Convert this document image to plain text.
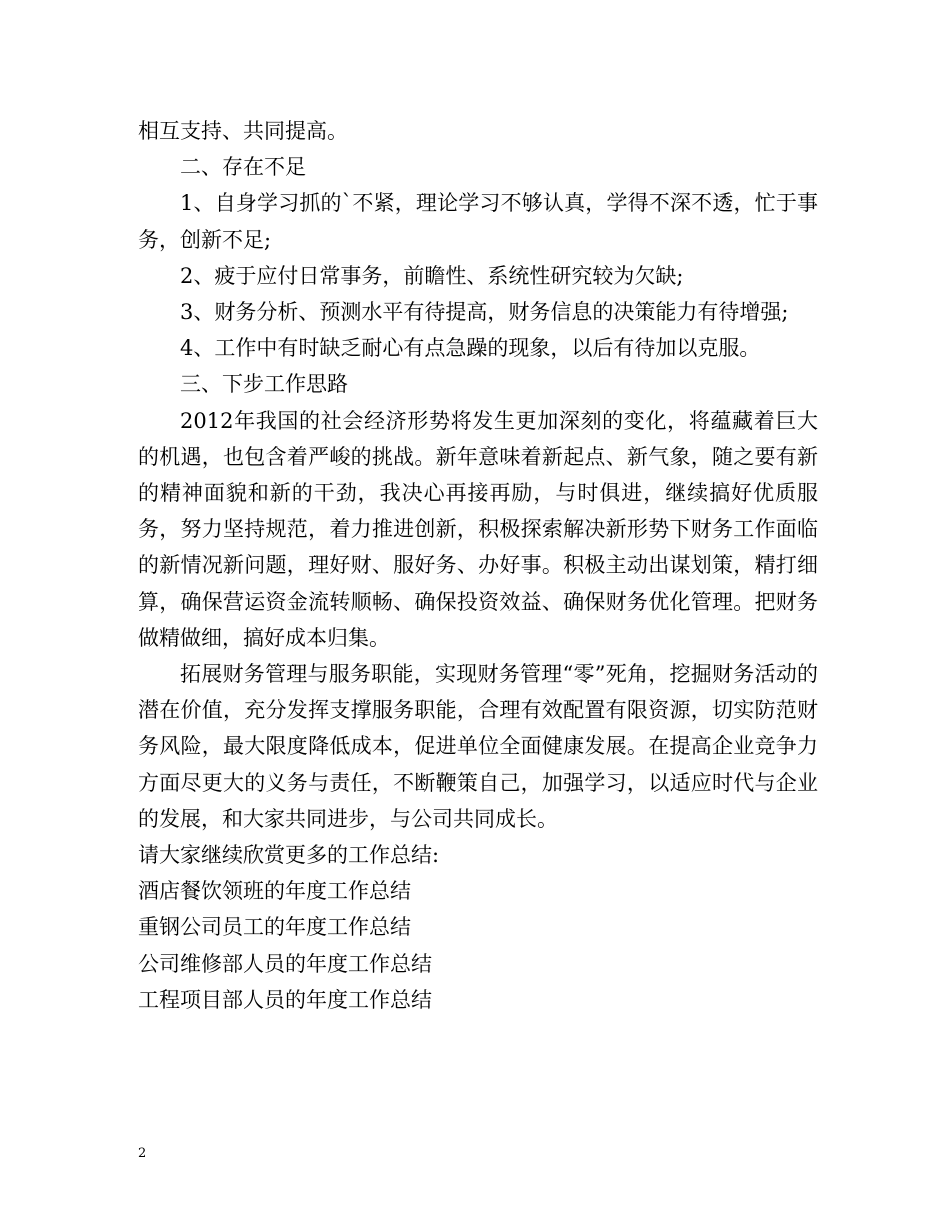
相互支持、共同提高。

二、存在不足

1、自身学习抓的`不紧，理论学习不够认真，学得不深不透，忙于事务，创新不足;

2、疲于应付日常事务，前瞻性、系统性研究较为欠缺;

3、财务分析、预测水平有待提高，财务信息的决策能力有待增强;

4、工作中有时缺乏耐心有点急躁的现象，以后有待加以克服。

三、下步工作思路

2012年我国的社会经济形势将发生更加深刻的变化，将蕴藏着巨大的机遇，也包含着严峻的挑战。新年意味着新起点、新气象，随之要有新的精神面貌和新的干劲，我决心再接再励，与时俱进，继续搞好优质服务，努力坚持规范，着力推进创新，积极探索解决新形势下财务工作面临的新情况新问题，理好财、服好务、办好事。积极主动出谋划策，精打细算，确保营运资金流转顺畅、确保投资效益、确保财务优化管理。把财务做精做细，搞好成本归集。

拓展财务管理与服务职能，实现财务管理“零”死角，挖掘财务活动的潜在价值，充分发挥支撑服务职能，合理有效配置有限资源，切实防范财务风险，最大限度降低成本，促进单位全面健康发展。在提高企业竞争力方面尽更大的义务与责任，不断鞭策自己，加强学习，以适应时代与企业的发展，和大家共同进步，与公司共同成长。

请大家继续欣赏更多的工作总结:

酒店餐饮领班的年度工作总结

重钢公司员工的年度工作总结

公司维修部人员的年度工作总结

工程项目部人员的年度工作总结

2
